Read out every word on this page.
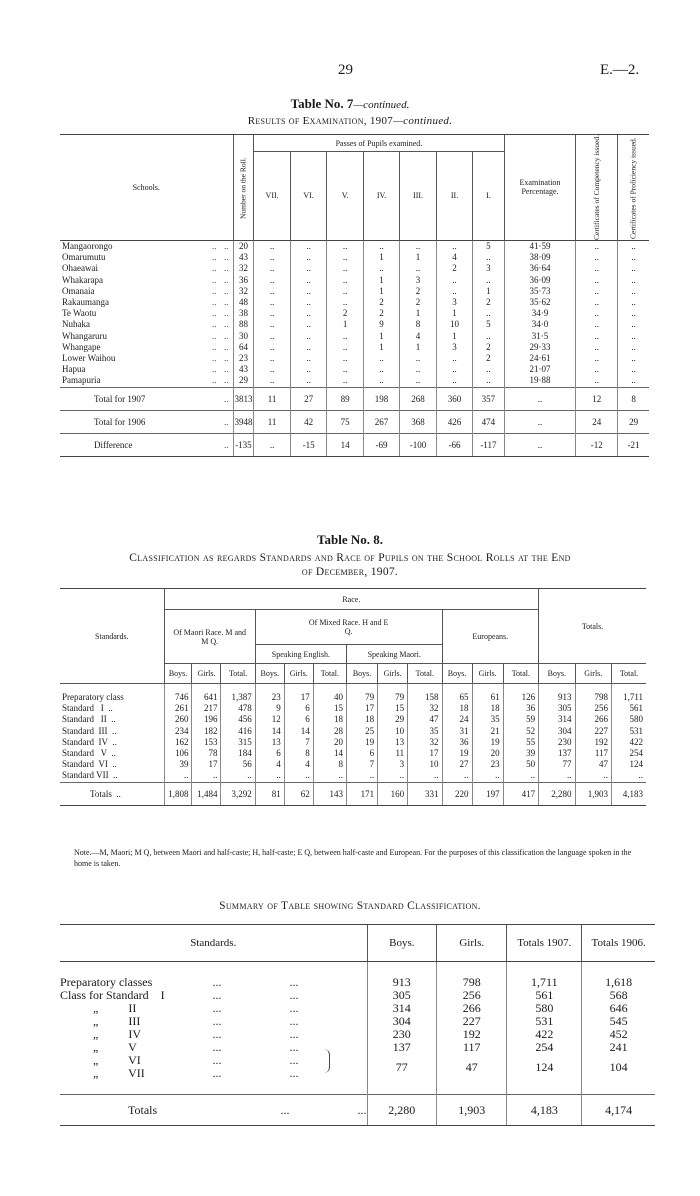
29	E.—2.
Table No. 7—continued.
Results of Examination, 1907—continued.
Schools.			Number on the Roll.	Passes of Pupils examined.							Examination Percentage.	Certificates of Competency issued.	Certificates of Proficiency issued.
				VII.	VI.	V.	IV.	III.	II.	I.			
Mangaorongo	..	..	20	..	..	..	..	..	..	5	41·59	..	..
Omarumutu	..	..	43	..	..	..	1	1	4	..	38·09	..	..
Ohaeawai	..	..	32	..	..	..	..	..	2	3	36·64	..	..
Whakarapa	..	..	36	..	..	..	1	3	..	..	36·09	..	..
Omanaia	..	..	32	..	..	..	1	2	..	1	35·73	..	..
Rakaumanga	..	..	48	..	..	..	2	2	3	2	35·62	..	..
Te Waotu	..	..	38	..	..	2	2	1	1	..	34·9	..	..
Nuhaka	..	..	88	..	..	1	9	8	10	5	34·0	..	..
Whangaruru	..	..	30	..	..	..	1	4	1	..	31·5	..	..
Whangape	..	..	64	..	..	..	1	1	3	2	29·33	..	..
Lower Waihou	..	..	23	..	..	..	..	..	..	2	24·61	..	..
Hapua	..	..	43	..	..	..	..	..	..	..	21·07	..	..
Pamapuria	..	..	29	..	..	..	..	..	..	..	19·88	..	..
Total for 1907		..	3813	11	27	89	198	268	360	357	..	12	8
Total for 1906		..	3948	11	42	75	267	368	426	474	..	24	29
Difference		..	-135	..	-15	14	-69	-100	-66	-117	..	-12	-21
Table No. 8.
Classification as regards Standards and Race of Pupils on the School Rolls at the End
of December, 1907.
Standards.	Race.												Totals.		
	Of Maori Race. M and M Q.			Of Mixed Race. H and E Q.						Europeans.					
				Speaking English.			Speaking Maori.								
	Boys.	Girls.	Total.	Boys.	Girls.	Total.	Boys.	Girls.	Total.	Boys.	Girls.	Total.	Boys.	Girls.	Total.

Preparatory class	746	641	1,387	23	17	40	79	79	158	65	61	126	913	798	1,711
Standard   I  ..	261	217	478	9	6	15	17	15	32	18	18	36	305	256	561
Standard   II  ..	260	196	456	12	6	18	18	29	47	24	35	59	314	266	580
Standard  III  ..	234	182	416	14	14	28	25	10	35	31	21	52	304	227	531
Standard  IV  ..	162	153	315	13	7	20	19	13	32	36	19	55	230	192	422
Standard   V  ..	106	78	184	6	8	14	6	11	17	19	20	39	137	117	254
Standard  VI  ..	39	17	56	4	4	8	7	3	10	27	23	50	77	47	124
Standard VII  ..	..	..	..	..	..	..	..	..	..	..	..	..	..	..	..
Totals  ..	1,808	1,484	3,292	81	62	143	171	160	331	220	197	417	2,280	1,903	4,183
Note.—M, Maori; M Q, between Maori and half-caste; H, half-caste; E Q, between half-caste and European. For the purposes of this classification the language spoken in the home is taken.
Summary of Table showing Standard Classification.
Standards.			Boys.	Girls.	Totals 1907.	Totals 1906.

Preparatory classes	...	...	913	798	1,711	1,618
Class for Standard    I	...	...	305	256	561	568
„          II	...	...	314	266	580	646
„          III	...	...	304	227	531	545
„          IV	...	...	230	192	422	452
„          V	...	...	137	117	254	241
„          VI	...	...	77	47	124	104
„          VII	...	...				

Totals	...	...	2,280	1,903	4,183	4,174
